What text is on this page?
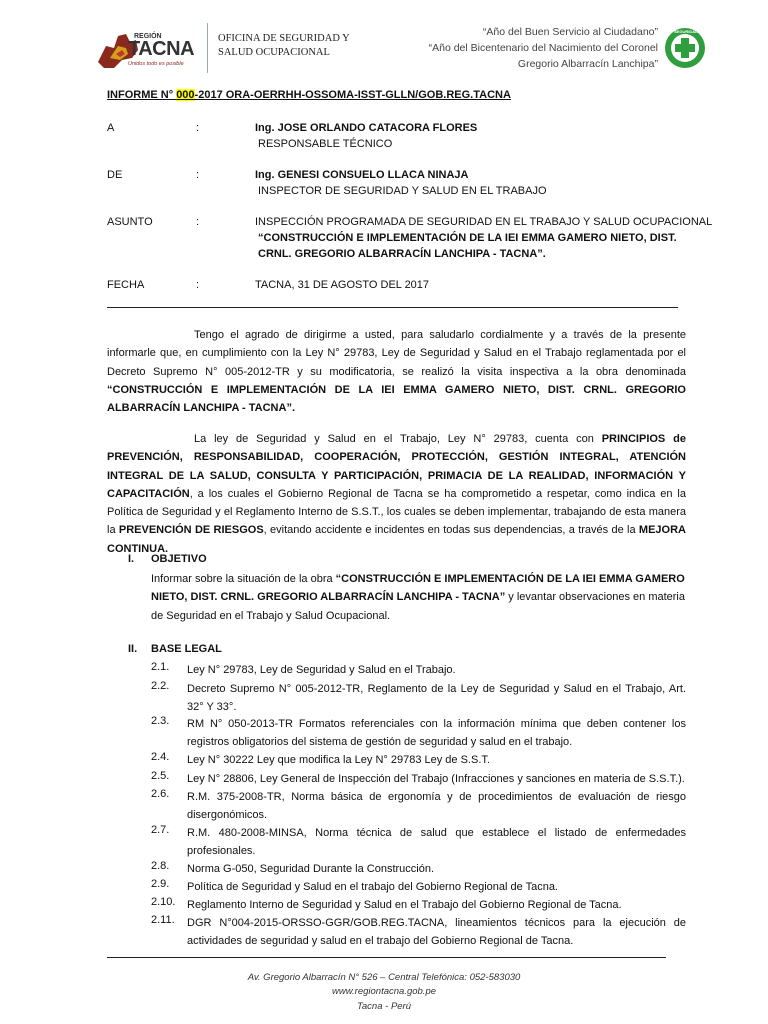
REGIÓN
TACNA
Unidos todo es posible
OFICINA DE SEGURIDAD Y
SALUD OCUPACIONAL
“Año del Buen Servicio al Ciudadano”
“Año del Bicentenario del Nacimiento del Coronel
Gregorio Albarracín Lanchipa”
SEGURIDAD
INFORME N° 000-2017 ORA-OERRHH-OSSOMA-ISST-GLLN/GOB.REG.TACNA
A	:	Ing. JOSE ORLANDO CATACORA FLORES
RESPONSABLE TÉCNICO
DE	:	Ing. GENESI CONSUELO LLACA NINAJA
INSPECTOR DE SEGURIDAD Y SALUD EN EL TRABAJO
ASUNTO	:	INSPECCIÓN PROGRAMADA DE SEGURIDAD EN EL TRABAJO Y SALUD OCUPACIONAL
“CONSTRUCCIÓN E IMPLEMENTACIÓN DE LA IEI EMMA GAMERO NIETO, DIST.
CRNL. GREGORIO ALBARRACÍN LANCHIPA - TACNA”.
FECHA	:	TACNA, 31 DE AGOSTO DEL 2017
Tengo el agrado de dirigirme a usted, para saludarlo cordialmente y a través de la presente informarle que, en cumplimiento con la Ley N° 29783, Ley de Seguridad y Salud en el Trabajo reglamentada por el Decreto Supremo N° 005-2012-TR y su modificatoria, se realizó la visita inspectiva a la obra denominada “CONSTRUCCIÓN E IMPLEMENTACIÓN DE LA IEI EMMA GAMERO NIETO, DIST. CRNL. GREGORIO ALBARRACÍN LANCHIPA - TACNA”.
La ley de Seguridad y Salud en el Trabajo, Ley N° 29783, cuenta con PRINCIPIOS de PREVENCIÓN, RESPONSABILIDAD, COOPERACIÓN, PROTECCIÓN, GESTIÓN INTEGRAL, ATENCIÓN INTEGRAL DE LA SALUD, CONSULTA Y PARTICIPACIÓN, PRIMACIA DE LA REALIDAD, INFORMACIÓN Y CAPACITACIÓN, a los cuales el Gobierno Regional de Tacna se ha comprometido a respetar, como indica en la Política de Seguridad y el Reglamento Interno de S.S.T., los cuales se deben implementar, trabajando de esta manera la PREVENCIÓN DE RIESGOS, evitando accidente e incidentes en todas sus dependencias, a través de la MEJORA CONTINUA.
I. OBJETIVO
Informar sobre la situación de la obra “CONSTRUCCIÓN E IMPLEMENTACIÓN DE LA IEI EMMA GAMERO NIETO, DIST. CRNL. GREGORIO ALBARRACÍN LANCHIPA - TACNA” y levantar observaciones en materia de Seguridad en el Trabajo y Salud Ocupacional.
II. BASE LEGAL
2.1. Ley N° 29783, Ley de Seguridad y Salud en el Trabajo.
2.2. Decreto Supremo N° 005-2012-TR, Reglamento de la Ley de Seguridad y Salud en el Trabajo, Art. 32° Y 33°.
2.3. RM N° 050-2013-TR Formatos referenciales con la información mínima que deben contener los registros obligatorios del sistema de gestión de seguridad y salud en el trabajo.
2.4. Ley N° 30222 Ley que modifica la Ley N° 29783 Ley de S.S.T.
2.5. Ley N° 28806, Ley General de Inspección del Trabajo (Infracciones y sanciones en materia de S.S.T.).
2.6. R.M. 375-2008-TR, Norma básica de ergonomía y de procedimientos de evaluación de riesgo disergonómicos.
2.7. R.M. 480-2008-MINSA, Norma técnica de salud que establece el listado de enfermedades profesionales.
2.8. Norma G-050, Seguridad Durante la Construcción.
2.9. Política de Seguridad y Salud en el trabajo del Gobierno Regional de Tacna.
2.10. Reglamento Interno de Seguridad y Salud en el Trabajo del Gobierno Regional de Tacna.
2.11. DGR N°004-2015-ORSSO-GGR/GOB.REG.TACNA, lineamientos técnicos para la ejecución de actividades de seguridad y salud en el trabajo del Gobierno Regional de Tacna.
Av. Gregorio Albarracín N° 526 – Central Telefónica: 052-583030
www.regiontacna.gob.pe
Tacna - Perú
